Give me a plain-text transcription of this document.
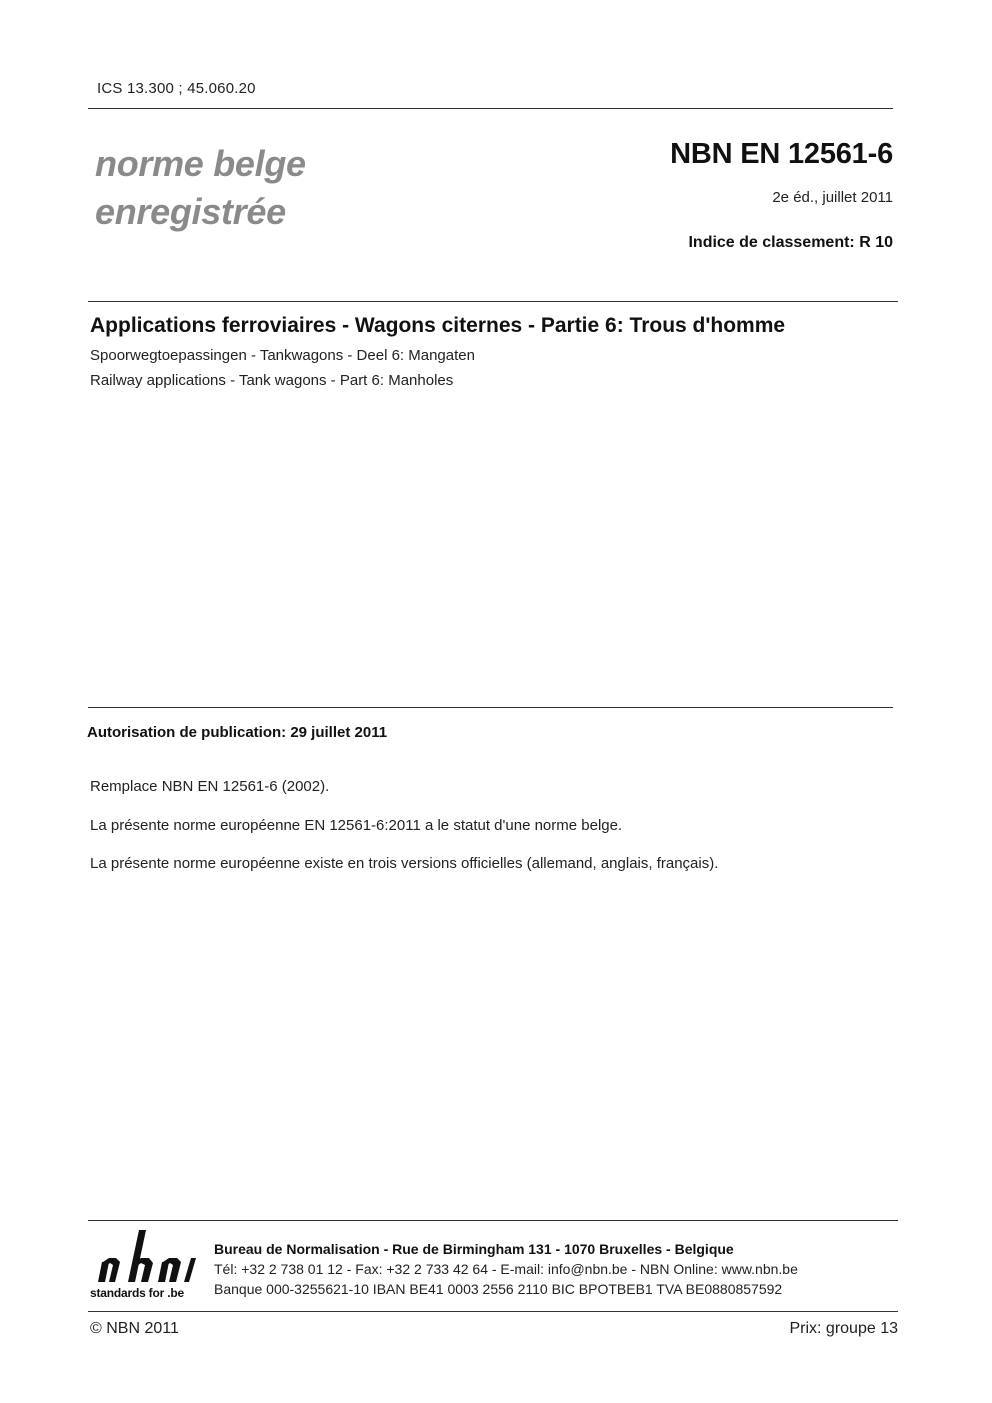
ICS 13.300 ; 45.060.20
norme belge
enregistrée
NBN EN 12561-6
2e éd., juillet 2011
Indice de classement: R 10
Applications ferroviaires - Wagons citernes - Partie 6: Trous d'homme
Spoorwegtoepassingen - Tankwagons - Deel 6: Mangaten
Railway applications - Tank wagons - Part 6: Manholes
Autorisation de publication: 29 juillet 2011
Remplace NBN EN 12561-6 (2002).
La présente norme européenne EN 12561-6:2011 a le statut d'une norme belge.
La présente norme européenne existe en trois versions officielles (allemand, anglais, français).
standards for .be
Bureau de Normalisation - Rue de Birmingham 131 - 1070 Bruxelles - Belgique
Tél: +32 2 738 01 12 - Fax: +32 2 733 42 64 - E-mail: info@nbn.be - NBN Online: www.nbn.be
Banque 000-3255621-10 IBAN BE41 0003 2556 2110 BIC BPOTBEB1 TVA BE0880857592
© NBN 2011	Prix: groupe 13
